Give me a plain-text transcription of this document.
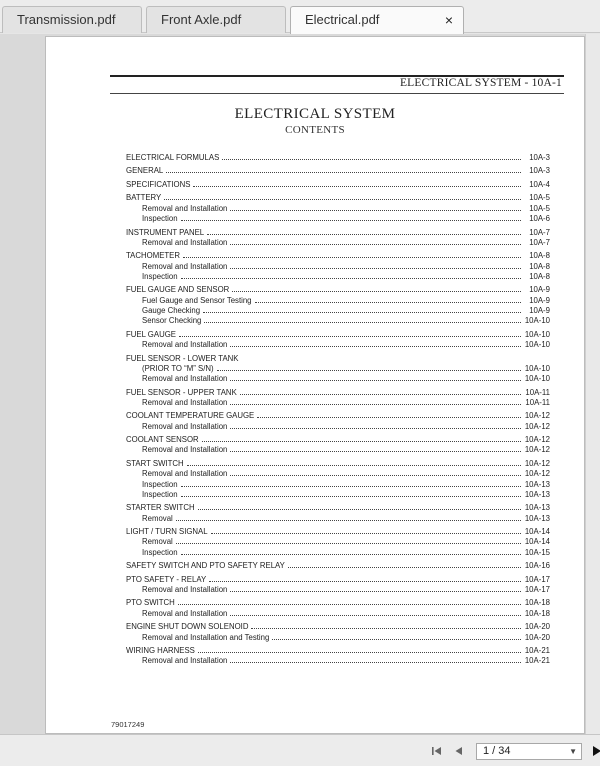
Transmission.pdf	Front Axle.pdf	Electrical.pdf	×
ELECTRICAL SYSTEM - 10A-1
ELECTRICAL SYSTEM
CONTENTS
ELECTRICAL FORMULAS	10A-3
GENERAL	10A-3
SPECIFICATIONS	10A-4
BATTERY	10A-5
Removal and Installation	10A-5
Inspection	10A-6
INSTRUMENT PANEL	10A-7
Removal and Installation	10A-7
TACHOMETER	10A-8
Removal and Installation	10A-8
Inspection	10A-8
FUEL GAUGE AND SENSOR	10A-9
Fuel Gauge and Sensor Testing	10A-9
Gauge Checking	10A-9
Sensor Checking	10A-10
FUEL GAUGE	10A-10
Removal and Installation	10A-10
FUEL SENSOR - LOWER TANK
(PRIOR TO “M” S/N)	10A-10
Removal and Installation	10A-10
FUEL SENSOR - UPPER TANK	10A-11
Removal and Installation	10A-11
COOLANT TEMPERATURE GAUGE	10A-12
Removal and Installation	10A-12
COOLANT SENSOR	10A-12
Removal and Installation	10A-12
START SWITCH	10A-12
Removal and Installation	10A-12
Inspection	10A-13
Inspection	10A-13
STARTER SWITCH	10A-13
Removal	10A-13
LIGHT / TURN SIGNAL	10A-14
Removal	10A-14
Inspection	10A-15
SAFETY SWITCH AND PTO SAFETY RELAY	10A-16
PTO SAFETY - RELAY	10A-17
Removal and Installation	10A-17
PTO SWITCH	10A-18
Removal and Installation	10A-18
ENGINE SHUT DOWN SOLENOID	10A-20
Removal and Installation and Testing	10A-20
WIRING HARNESS	10A-21
Removal and Installation	10A-21
79017249
1 / 34	▼
